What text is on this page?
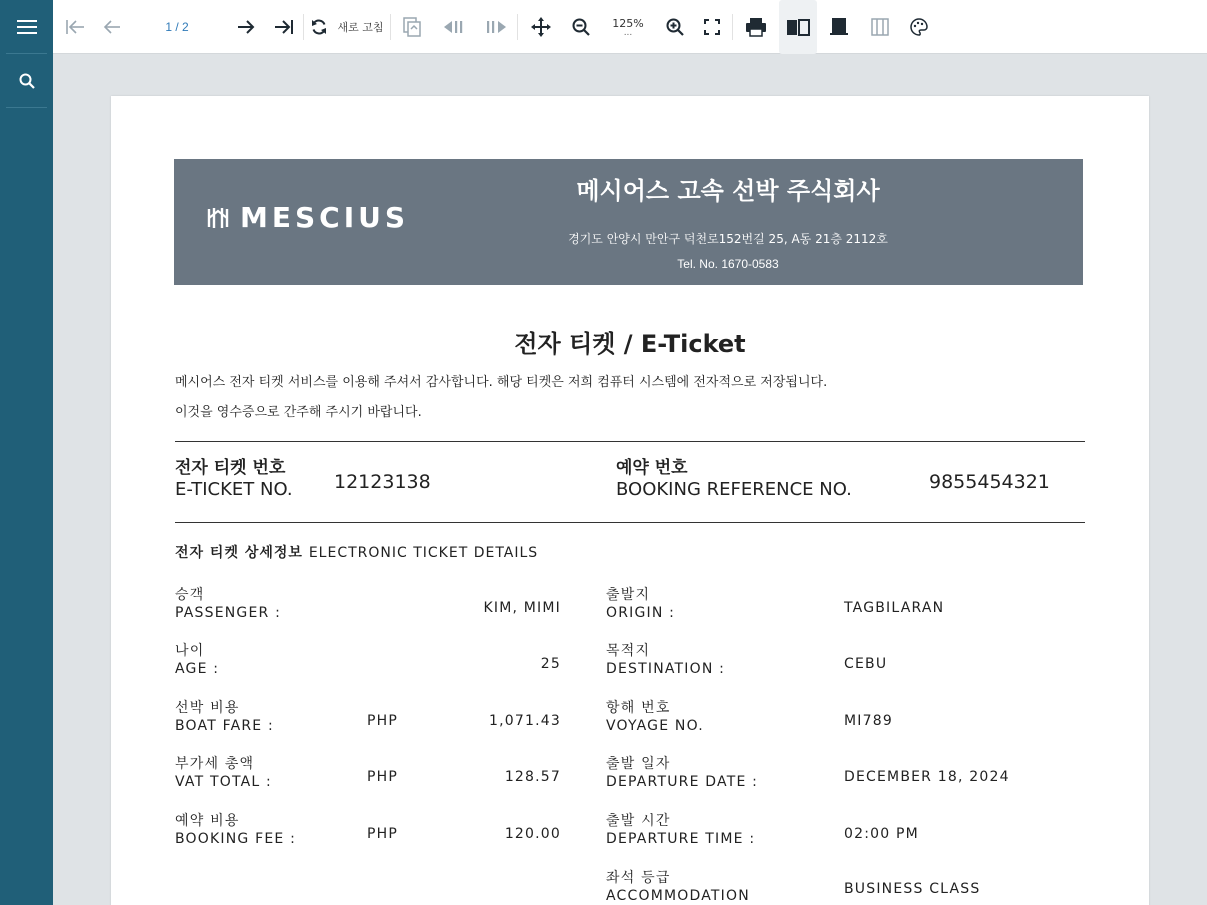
1 / 2	새로 고침	125%
...
MESCIUS
메시어스 고속 선박 주식회사
경기도 안양시 만안구 덕천로152번길 25, A동 21층 2112호
Tel. No. 1670-0583
전자 티켓 / E-Ticket
메시어스 전자 티켓 서비스를 이용해 주셔서 감사합니다. 해당 티켓은 저희 컴퓨터 시스템에 전자적으로 저장됩니다.
이것을 영수증으로 간주해 주시기 바랍니다.
전자 티켓 번호
E-TICKET NO. 12123138
예약 번호
BOOKING REFERENCE NO.	9855454321
전자 티켓 상세정보 ELECTRONIC TICKET DETAILS
승객
PASSENGER :	KIM, MIMI
나이
AGE :	25
선박 비용
BOAT FARE :	PHP	1,071.43
부가세 총액
VAT TOTAL :	PHP	128.57
예약 비용
BOOKING FEE :	PHP	120.00
출발지
ORIGIN :	TAGBILARAN
목적지
DESTINATION :	CEBU
항해 번호
VOYAGE NO.	MI789
출발 일자
DEPARTURE DATE :	DECEMBER 18, 2024
출발 시간
DEPARTURE TIME :	02:00 PM
좌석 등급
ACCOMMODATION	BUSINESS CLASS
